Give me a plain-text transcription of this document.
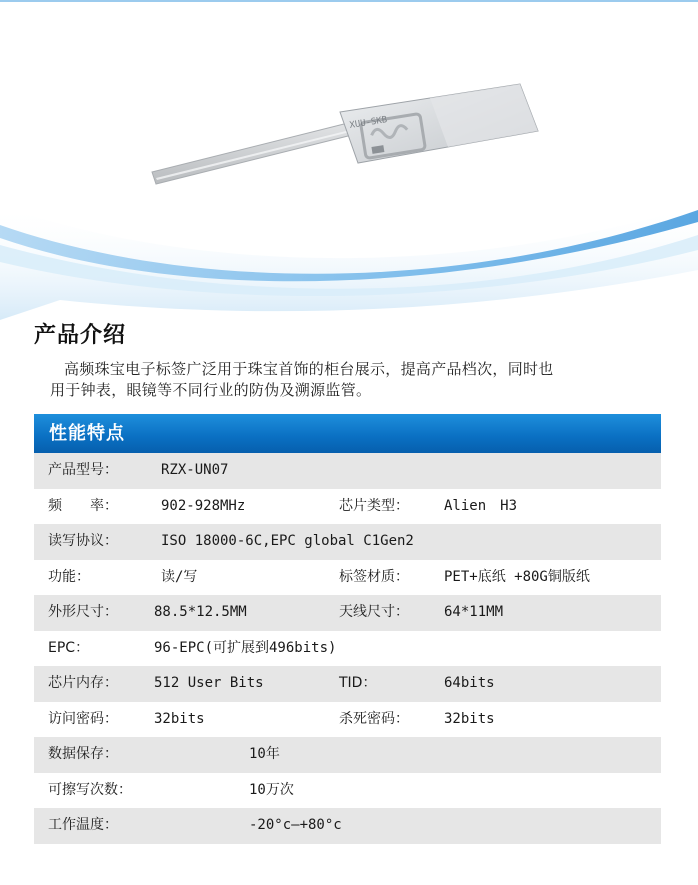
XUU-SKB
产品介绍
高频珠宝电子标签广泛用于珠宝首饰的柜台展示，提高产品档次，同时也
用于钟表，眼镜等不同行业的防伪及溯源监管。
性能特点
产品型号：	RZX-UN07
频　　率：	902-928MHz	芯片类型：	Alien　H3
读写协议：	ISO 18000-6C,EPC global C1Gen2
功能：	读/写	标签材质：	PET+底纸 +80G铜版纸
外形尺寸：	88.5*12.5MM	天线尺寸：	64*11MM
EPC：	96-EPC(可扩展到496bits)
芯片内存：	512 User Bits	TID：	64bits
访问密码：	32bits	杀死密码：	32bits
数据保存：	10年
可擦写次数：	10万次
工作温度：	-20°c—+80°c
